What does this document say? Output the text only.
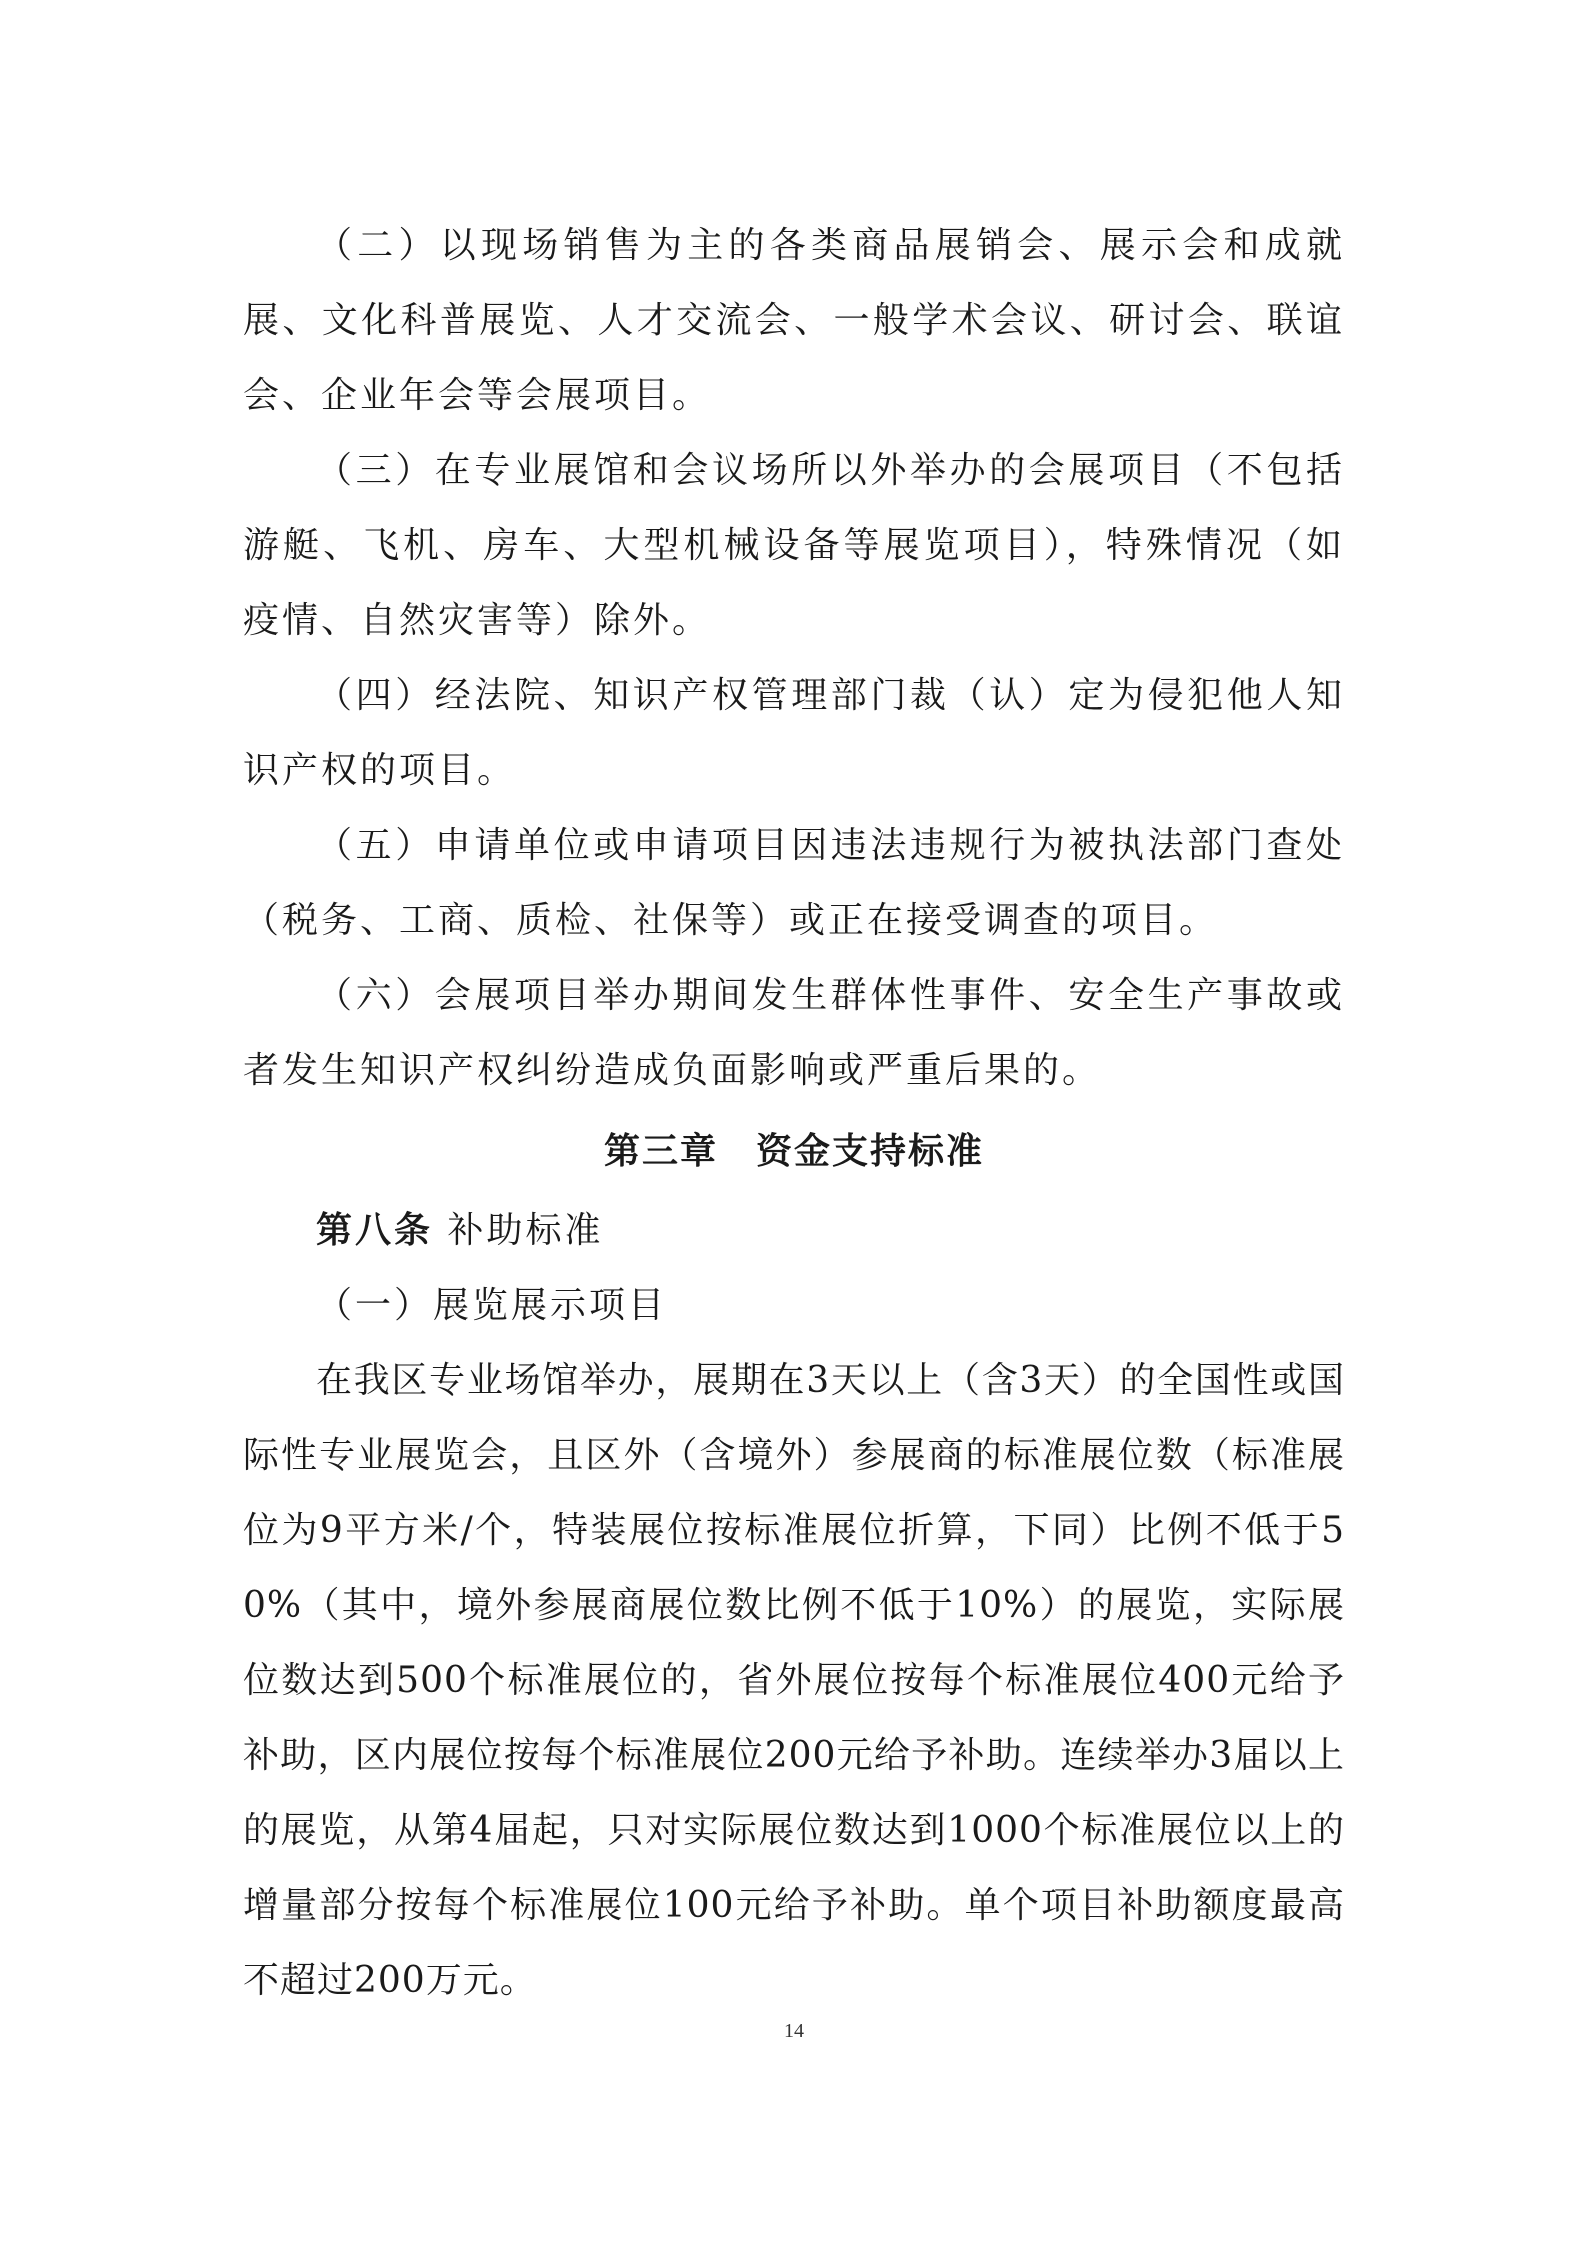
（二）以现场销售为主的各类商品展销会、展示会和成就展、文化科普展览、人才交流会、一般学术会议、研讨会、联谊会、企业年会等会展项目。

（三）在专业展馆和会议场所以外举办的会展项目（不包括游艇、飞机、房车、大型机械设备等展览项目），特殊情况（如疫情、自然灾害等）除外。

（四）经法院、知识产权管理部门裁（认）定为侵犯他人知识产权的项目。

（五）申请单位或申请项目因违法违规行为被执法部门查处（税务、工商、质检、社保等）或正在接受调查的项目。

（六）会展项目举办期间发生群体性事件、安全生产事故或者发生知识产权纠纷造成负面影响或严重后果的。

第三章　资金支持标准

第八条 补助标准

（一）展览展示项目

在我区专业场馆举办，展期在3天以上（含3天）的全国性或国际性专业展览会，且区外（含境外）参展商的标准展位数（标准展位为9平方米/个，特装展位按标准展位折算，下同）比例不低于50%（其中，境外参展商展位数比例不低于10%）的展览，实际展位数达到500个标准展位的，省外展位按每个标准展位400元给予补助，区内展位按每个标准展位200元给予补助。连续举办3届以上的展览，从第4届起，只对实际展位数达到1000个标准展位以上的增量部分按每个标准展位100元给予补助。单个项目补助额度最高不超过200万元。

14
